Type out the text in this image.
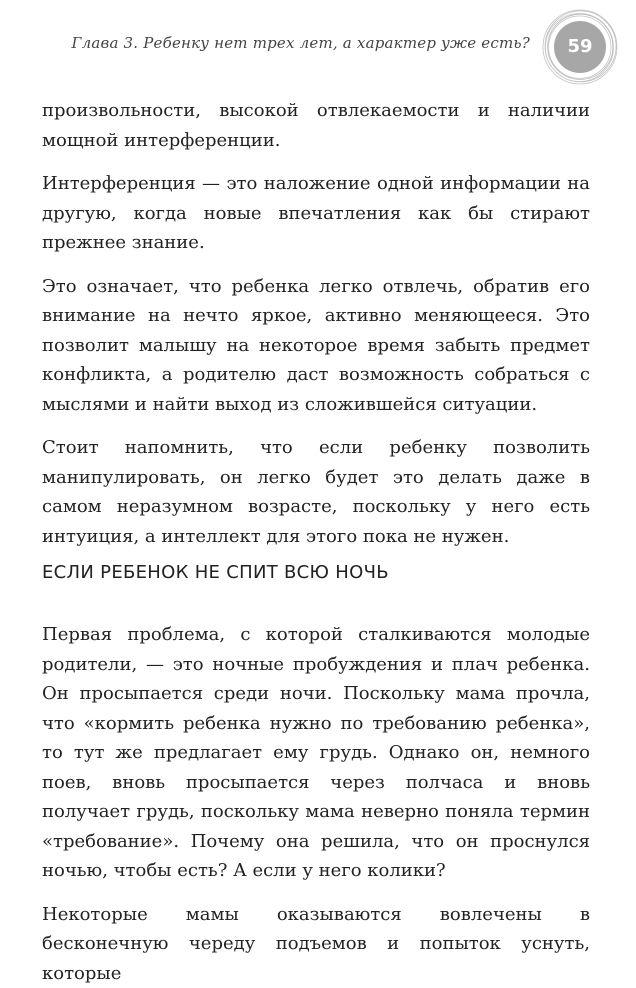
Глава 3. Ребенку нет трех лет, а характер уже есть?	59

произвольности, высокой отвлекаемости и наличии мощной интерференции.

Интерференция — это наложение одной информации на другую, когда новые впечатления как бы стирают прежнее знание.

Это означает, что ребенка легко отвлечь, обратив его внимание на нечто яркое, активно меняющееся. Это позволит малышу на некоторое время забыть предмет конфликта, а родителю даст возможность собраться с мыслями и найти выход из сложившейся ситуации.

Стоит напомнить, что если ребенку позволить манипулировать, он легко будет это делать даже в самом неразумном возрасте, поскольку у него есть интуиция, а интеллект для этого пока не нужен.

ЕСЛИ РЕБЕНОК НЕ СПИТ ВСЮ НОЧЬ

Первая проблема, с которой сталкиваются молодые родители, — это ночные пробуждения и плач ребенка. Он просыпается среди ночи. Поскольку мама прочла, что «кормить ребенка нужно по требованию ребенка», то тут же предлагает ему грудь. Однако он, немного поев, вновь просыпается через полчаса и вновь получает грудь, поскольку мама неверно поняла термин «требование». Почему она решила, что он проснулся ночью, чтобы есть? А если у него колики?

Некоторые мамы оказываются вовлечены в бесконечную череду подъемов и попыток уснуть, которые
